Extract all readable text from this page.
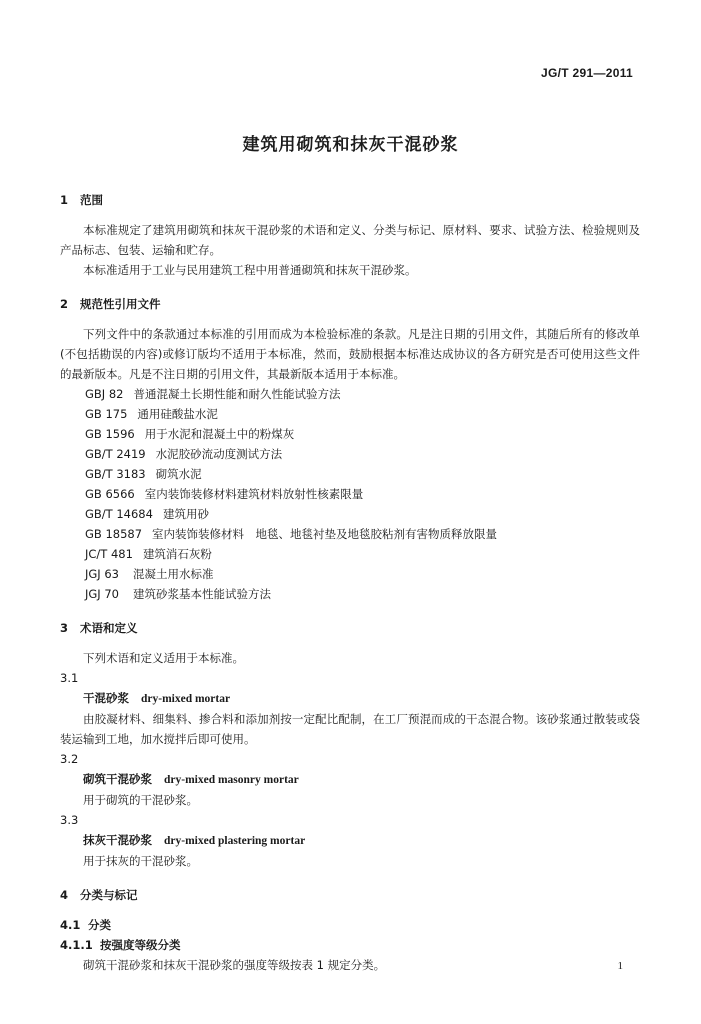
JG/T 291—2011
建筑用砌筑和抹灰干混砂浆

1 范围

本标准规定了建筑用砌筑和抹灰干混砂浆的术语和定义、分类与标记、原材料、要求、试验方法、检验规则及产品标志、包装、运输和贮存。

本标准适用于工业与民用建筑工程中用普通砌筑和抹灰干混砂浆。

2 规范性引用文件

下列文件中的条款通过本标准的引用而成为本检验标准的条款。凡是注日期的引用文件，其随后所有的修改单(不包括勘误的内容)或修订版均不适用于本标准，然而，鼓励根据本标准达成协议的各方研究是否可使用这些文件的最新版本。凡是不注日期的引用文件，其最新版本适用于本标准。

GBJ 82 普通混凝土长期性能和耐久性能试验方法

GB 175 通用硅酸盐水泥

GB 1596 用于水泥和混凝土中的粉煤灰

GB/T 2419 水泥胶砂流动度测试方法

GB/T 3183 砌筑水泥

GB 6566 室内装饰装修材料建筑材料放射性核素限量

GB/T 14684 建筑用砂

GB 18587 室内装饰装修材料　地毯、地毯衬垫及地毯胶粘剂有害物质释放限量

JC/T 481 建筑消石灰粉

JGJ 63 混凝土用水标准

JGJ 70 建筑砂浆基本性能试验方法

3 术语和定义

下列术语和定义适用于本标准。

3.1

干混砂浆 dry-mixed mortar

由胶凝材料、细集料、掺合料和添加剂按一定配比配制，在工厂预混而成的干态混合物。该砂浆通过散装或袋装运输到工地，加水搅拌后即可使用。

3.2

砌筑干混砂浆 dry-mixed masonry mortar

用于砌筑的干混砂浆。

3.3

抹灰干混砂浆 dry-mixed plastering mortar

用于抹灰的干混砂浆。

4 分类与标记

4.1 分类

4.1.1 按强度等级分类

砌筑干混砂浆和抹灰干混砂浆的强度等级按表 1 规定分类。	1
